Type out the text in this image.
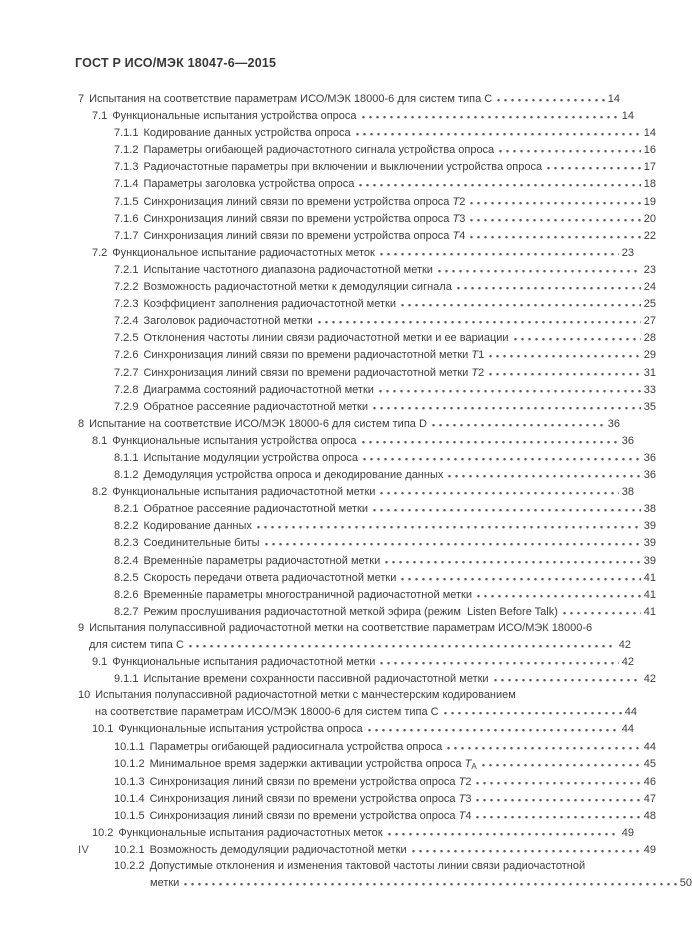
ГОСТ Р ИСО/МЭК 18047-6—2015
7 Испытания на соответствие параметрам ИСО/МЭК 18000-6 для систем типа С	14
7.1 Функциональные испытания устройства опроса	14
7.1.1 Кодирование данных устройства опроса	14
7.1.2 Параметры огибающей радиочастотного сигнала устройства опроса	16
7.1.3 Радиочастотные параметры при включении и выключении устройства опроса	17
7.1.4 Параметры заголовка устройства опроса	18
7.1.5 Синхронизация линий связи по времени устройства опроса Т2	19
7.1.6 Синхронизация линий связи по времени устройства опроса Т3	20
7.1.7 Синхронизация линий связи по времени устройства опроса Т4	22
7.2 Функциональное испытание радиочастотных меток	23
7.2.1 Испытание частотного диапазона радиочастотной метки	23
7.2.2 Возможность радиочастотной метки к демодуляции сигнала	24
7.2.3 Коэффициент заполнения радиочастотной метки	25
7.2.4 Заголовок радиочастотной метки	27
7.2.5 Отклонения частоты линии связи радиочастотной метки и ее вариации	28
7.2.6 Синхронизация линий связи по времени радиочастотной метки Т1	29
7.2.7 Синхронизация линий связи по времени радиочастотной метки Т2	31
7.2.8 Диаграмма состояний радиочастотной метки	33
7.2.9 Обратное рассеяние радиочастотной метки	35
8 Испытание на соответствие ИСО/МЭК 18000-6 для систем типа D	36
8.1 Функциональные испытания устройства опроса	36
8.1.1 Испытание модуляции устройства опроса	36
8.1.2 Демодуляция устройства опроса и декодирование данных	36
8.2 Функциональные испытания радиочастотной метки	38
8.2.1 Обратное рассеяние радиочастотной метки	38
8.2.2 Кодирование данных	39
8.2.3 Соединительные биты	39
8.2.4 Временны́е параметры радиочастотной метки	39
8.2.5 Скорость передачи ответа радиочастотной метки	41
8.2.6 Временны́е параметры многостраничной радиочастотной метки	41
8.2.7 Режим прослушивания радиочастотной меткой эфира (режим  Listen Before Talk)	41
9 Испытания полупассивной радиочастотной метки на соответствие параметрам ИСО/МЭК 18000-6
для систем типа С	42
9.1 Функциональные испытания радиочастотной метки	42
9.1.1 Испытание времени сохранности пассивной радиочастотной метки	42
10 Испытания полупассивной радиочастотной метки с манчестерским кодированием
на соответствие параметрам ИСО/МЭК 18000-6 для систем типа С	44
10.1 Функциональные испытания устройства опроса	44
10.1.1 Параметры огибающей радиосигнала устройства опроса	44
10.1.2 Минимальное время задержки активации устройства опроса $Т_А$	45
10.1.3 Синхронизация линий связи по времени устройства опроса Т2	46
10.1.4 Синхронизация линий связи по времени устройства опроса Т3	47
10.1.5 Синхронизация линий связи по времени устройства опроса Т4	48
10.2 Функциональные испытания радиочастотных меток	49
10.2.1 Возможность демодуляции радиочастотной метки	49
10.2.2 Допустимые отклонения и изменения тактовой частоты линии связи радиочастотной
метки	50
IV
